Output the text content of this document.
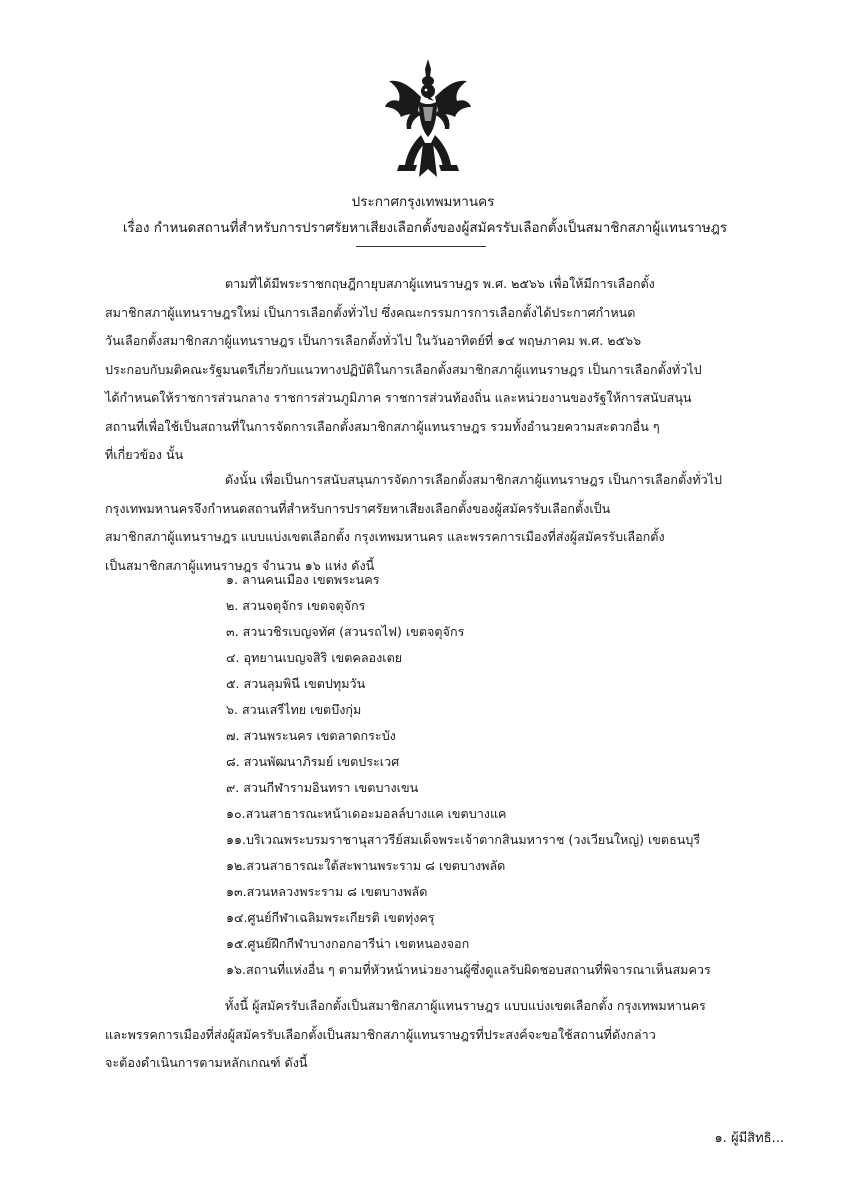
ประกาศกรุงเทพมหานคร
เรื่อง กำหนดสถานที่สำหรับการปราศรัยหาเสียงเลือกตั้งของผู้สมัครรับเลือกตั้งเป็นสมาชิกสภาผู้แทนราษฎร
ตามที่ได้มีพระราชกฤษฎีกายุบสภาผู้แทนราษฎร พ.ศ. ๒๕๖๖ เพื่อให้มีการเลือกตั้ง
สมาชิกสภาผู้แทนราษฎรใหม่ เป็นการเลือกตั้งทั่วไป ซึ่งคณะกรรมการการเลือกตั้งได้ประกาศกำหนด
วันเลือกตั้งสมาชิกสภาผู้แทนราษฎร เป็นการเลือกตั้งทั่วไป ในวันอาทิตย์ที่ ๑๔ พฤษภาคม พ.ศ. ๒๕๖๖
ประกอบกับมติคณะรัฐมนตรีเกี่ยวกับแนวทางปฏิบัติในการเลือกตั้งสมาชิกสภาผู้แทนราษฎร เป็นการเลือกตั้งทั่วไป
ได้กำหนดให้ราชการส่วนกลาง ราชการส่วนภูมิภาค ราชการส่วนท้องถิ่น และหน่วยงานของรัฐให้การสนับสนุน
สถานที่เพื่อใช้เป็นสถานที่ในการจัดการเลือกตั้งสมาชิกสภาผู้แทนราษฎร รวมทั้งอำนวยความสะดวกอื่น ๆ
ที่เกี่ยวข้อง นั้น
ดังนั้น เพื่อเป็นการสนับสนุนการจัดการเลือกตั้งสมาชิกสภาผู้แทนราษฎร เป็นการเลือกตั้งทั่วไป
กรุงเทพมหานครจึงกำหนดสถานที่สำหรับการปราศรัยหาเสียงเลือกตั้งของผู้สมัครรับเลือกตั้งเป็น
สมาชิกสภาผู้แทนราษฎร แบบแบ่งเขตเลือกตั้ง กรุงเทพมหานคร และพรรคการเมืองที่ส่งผู้สมัครรับเลือกตั้ง
เป็นสมาชิกสภาผู้แทนราษฎร จำนวน ๑๖ แห่ง ดังนี้
๑. ลานคนเมือง เขตพระนคร
๒. สวนจตุจักร เขตจตุจักร
๓. สวนวชิรเบญจทัศ (สวนรถไฟ) เขตจตุจักร
๔. อุทยานเบญจสิริ เขตคลองเตย
๕. สวนลุมพินี เขตปทุมวัน
๖. สวนเสรีไทย เขตบึงกุ่ม
๗. สวนพระนคร เขตลาดกระบัง
๘. สวนพัฒนาภิรมย์ เขตประเวศ
๙. สวนกีฬารามอินทรา เขตบางเขน
๑๐.สวนสาธารณะหน้าเดอะมอลล์บางแค เขตบางแค
๑๑.บริเวณพระบรมราชานุสาวรีย์สมเด็จพระเจ้าตากสินมหาราช (วงเวียนใหญ่) เขตธนบุรี
๑๒.สวนสาธารณะใต้สะพานพระราม ๘ เขตบางพลัด
๑๓.สวนหลวงพระราม ๘ เขตบางพลัด
๑๔.ศูนย์กีฬาเฉลิมพระเกียรติ เขตทุ่งครุ
๑๕.ศูนย์ฝึกกีฬาบางกอกอารีน่า เขตหนองจอก
๑๖.สถานที่แห่งอื่น ๆ ตามที่หัวหน้าหน่วยงานผู้ซึ่งดูแลรับผิดชอบสถานที่พิจารณาเห็นสมควร
ทั้งนี้ ผู้สมัครรับเลือกตั้งเป็นสมาชิกสภาผู้แทนราษฎร แบบแบ่งเขตเลือกตั้ง กรุงเทพมหานคร
และพรรคการเมืองที่ส่งผู้สมัครรับเลือกตั้งเป็นสมาชิกสภาผู้แทนราษฎรที่ประสงค์จะขอใช้สถานที่ดังกล่าว
จะต้องดำเนินการตามหลักเกณฑ์ ดังนี้
๑. ผู้มีสิทธิ...
